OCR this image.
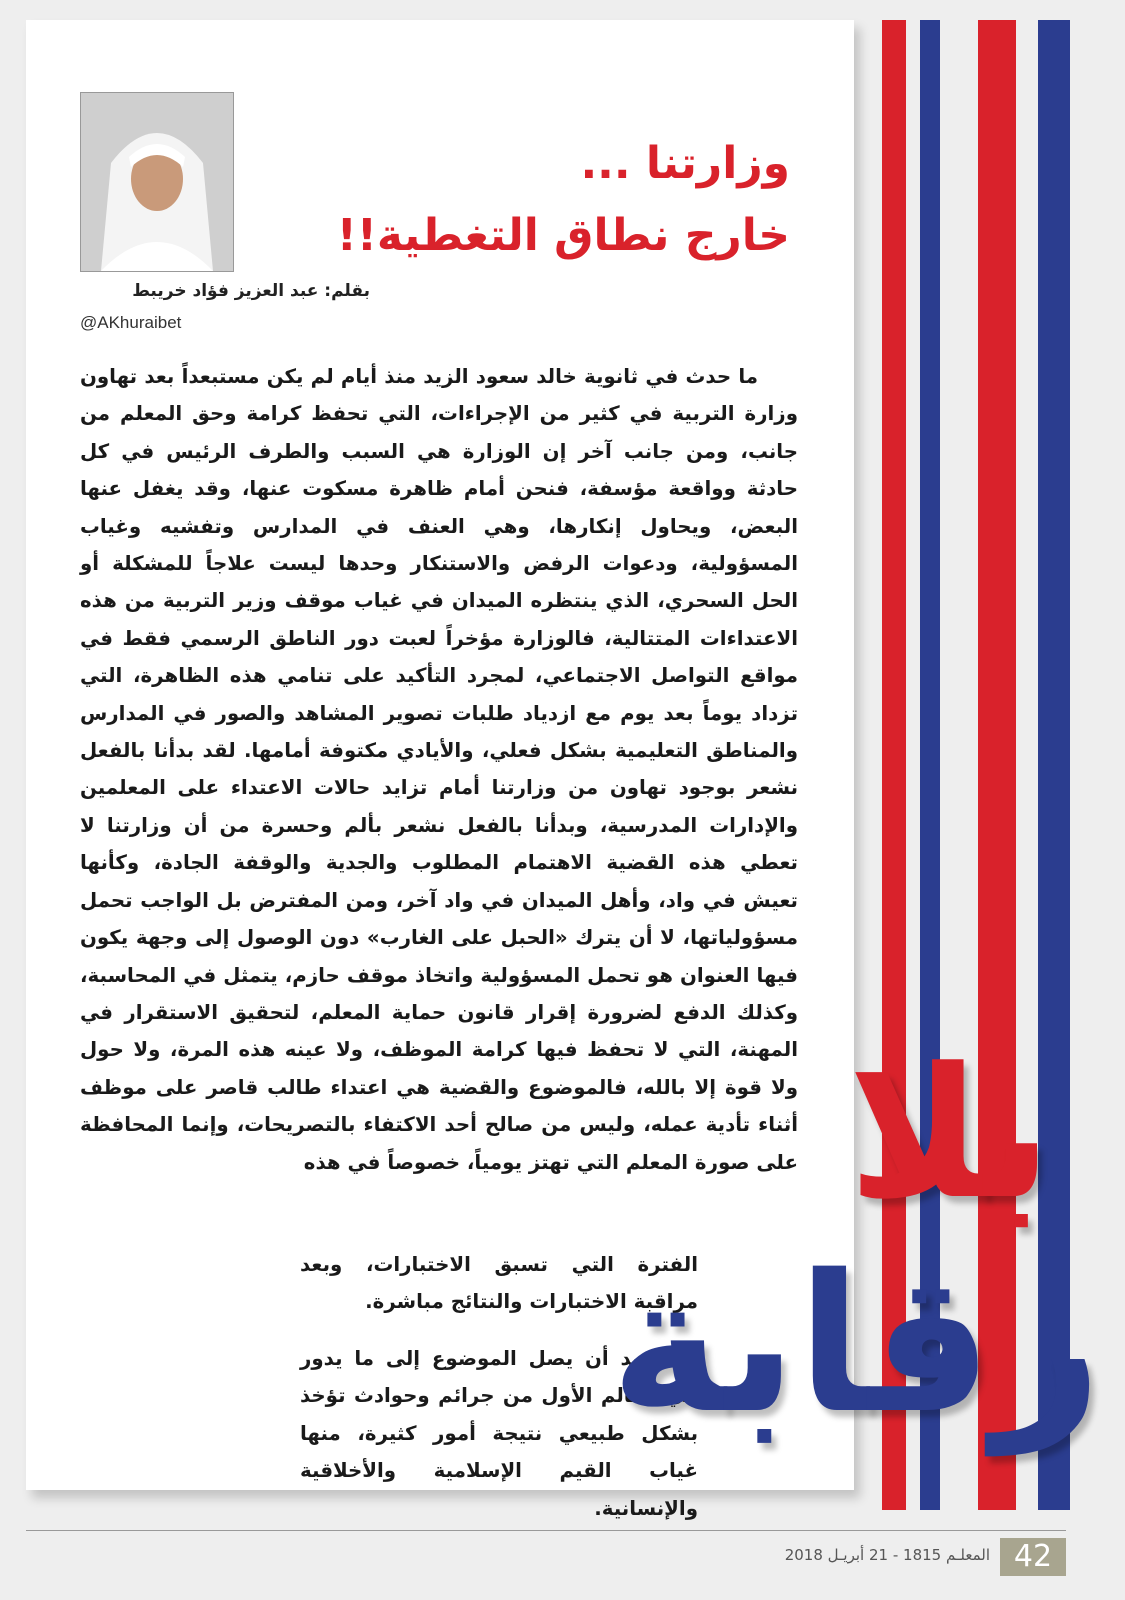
وزارتنا ...
خارج نطاق التغطية!!
بقلم: عبد العزيز فؤاد خريبط
@AKhuraibet
ما حدث في ثانوية خالد سعود الزيد منذ أيام لم يكن مستبعداً بعد تهاون وزارة التربية في كثير من الإجراءات، التي تحفظ كرامة وحق المعلم من جانب، ومن جانب آخر إن الوزارة هي السبب والطرف الرئيس في كل حادثة وواقعة مؤسفة، فنحن أمام ظاهرة مسكوت عنها، وقد يغفل عنها البعض، ويحاول إنكارها، وهي العنف في المدارس وتفشيه وغياب المسؤولية، ودعوات الرفض والاستنكار وحدها ليست علاجاً للمشكلة أو الحل السحري، الذي ينتظره الميدان في غياب موقف وزير التربية من هذه الاعتداءات المتتالية، فالوزارة مؤخراً لعبت دور الناطق الرسمي فقط في مواقع التواصل الاجتماعي، لمجرد التأكيد على تنامي هذه الظاهرة، التي تزداد يوماً بعد يوم مع ازدياد طلبات تصوير المشاهد والصور في المدارس والمناطق التعليمية بشكل فعلي، والأيادي مكتوفة أمامها. لقد بدأنا بالفعل نشعر بوجود تهاون من وزارتنا أمام تزايد حالات الاعتداء على المعلمين والإدارات المدرسية، وبدأنا بالفعل نشعر بألم وحسرة من أن وزارتنا لا تعطي هذه القضية الاهتمام المطلوب والجدية والوقفة الجادة، وكأنها تعيش في واد، وأهل الميدان في واد آخر، ومن المفترض بل الواجب تحمل مسؤولياتها، لا أن يترك «الحبل على الغارب» دون الوصول إلى وجهة يكون فيها العنوان هو تحمل المسؤولية واتخاذ موقف حازم، يتمثل في المحاسبة، وكذلك الدفع لضرورة إقرار قانون حماية المعلم، لتحقيق الاستقرار في المهنة، التي لا تحفظ فيها كرامة الموظف، ولا عينه هذه المرة، ولا حول ولا قوة إلا بالله، فالموضوع والقضية هي اعتداء طالب قاصر على موظف أثناء تأدية عمله، وليس من صالح أحد الاكتفاء بالتصريحات، وإنما المحافظة على صورة المعلم التي تهتز يومياً، خصوصاً في هذه
الفترة التي تسبق الاختبارات، وبعد مراقبة الاختبارات والنتائج مباشرة.
ولا نريد أن يصل الموضوع إلى ما يدور في العالم الأول من جرائم وحوادث تؤخذ بشكل طبيعي نتيجة أمور كثيرة، منها غياب القيم الإسلامية والأخلاقية والإنسانية.
بلا
رقابة
42
المعلـم 1815 - 21 أبريـل 2018
